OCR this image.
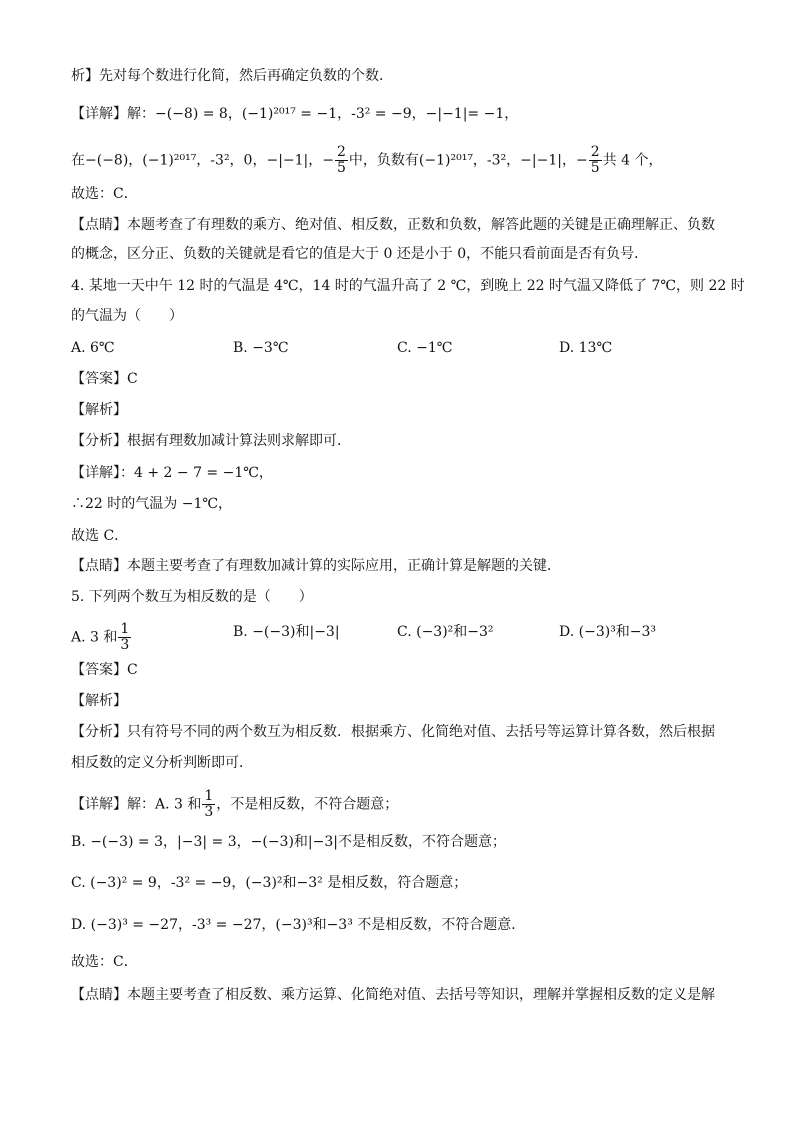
析】先对每个数进行化简，然后再确定负数的个数．
【详解】解：−(−8) = 8，(−1)²⁰¹⁷ = −1，-3² = −9，−|−1|= −1，
在−(−8)，(−1)²⁰¹⁷，-3²，0，−|−1|，− $\frac{2}{5}$ 中，负数有(−1)²⁰¹⁷，-3²，−|−1|，− $\frac{2}{5}$ 共 4 个，
故选：C．
【点睛】本题考查了有理数的乘方、绝对值、相反数，正数和负数，解答此题的关键是正确理解正、负数
的概念，区分正、负数的关键就是看它的值是大于 0 还是小于 0，不能只看前面是否有负号．
4. 某地一天中午 12 时的气温是 4℃，14 时的气温升高了 2 ℃，到晚上 22 时气温又降低了 7℃，则 22 时
的气温为（　　）
A. 6℃	B. −3℃	C. −1℃	D. 13℃
【答案】C
【解析】
【分析】根据有理数加减计算法则求解即可．
【详解】：4 + 2 − 7 = −1℃，
∴22 时的气温为 −1℃，
故选 C．
【点睛】本题主要考查了有理数加减计算的实际应用，正确计算是解题的关键．
5. 下列两个数互为相反数的是（　　）
A. 3 和 $\frac{1}{3}$	B. −(−3)和|−3|	C. (−3)²和−3²	D. (−3)³和−3³
【答案】C
【解析】
【分析】只有符号不同的两个数互为相反数．根据乘方、化简绝对值、去括号等运算计算各数，然后根据
相反数的定义分析判断即可．
【详解】解：A. 3 和 $\frac{1}{3}$ ，不是相反数，不符合题意；
B. −(−3) = 3，|−3| = 3，−(−3)和|−3|不是相反数，不符合题意；
C. (−3)² = 9，-3² = −9，(−3)²和−3² 是相反数，符合题意；
D. (−3)³ = −27，-3³ = −27，(−3)³和−3³ 不是相反数，不符合题意．
故选：C．
【点睛】本题主要考查了相反数、乘方运算、化简绝对值、去括号等知识，理解并掌握相反数的定义是解
